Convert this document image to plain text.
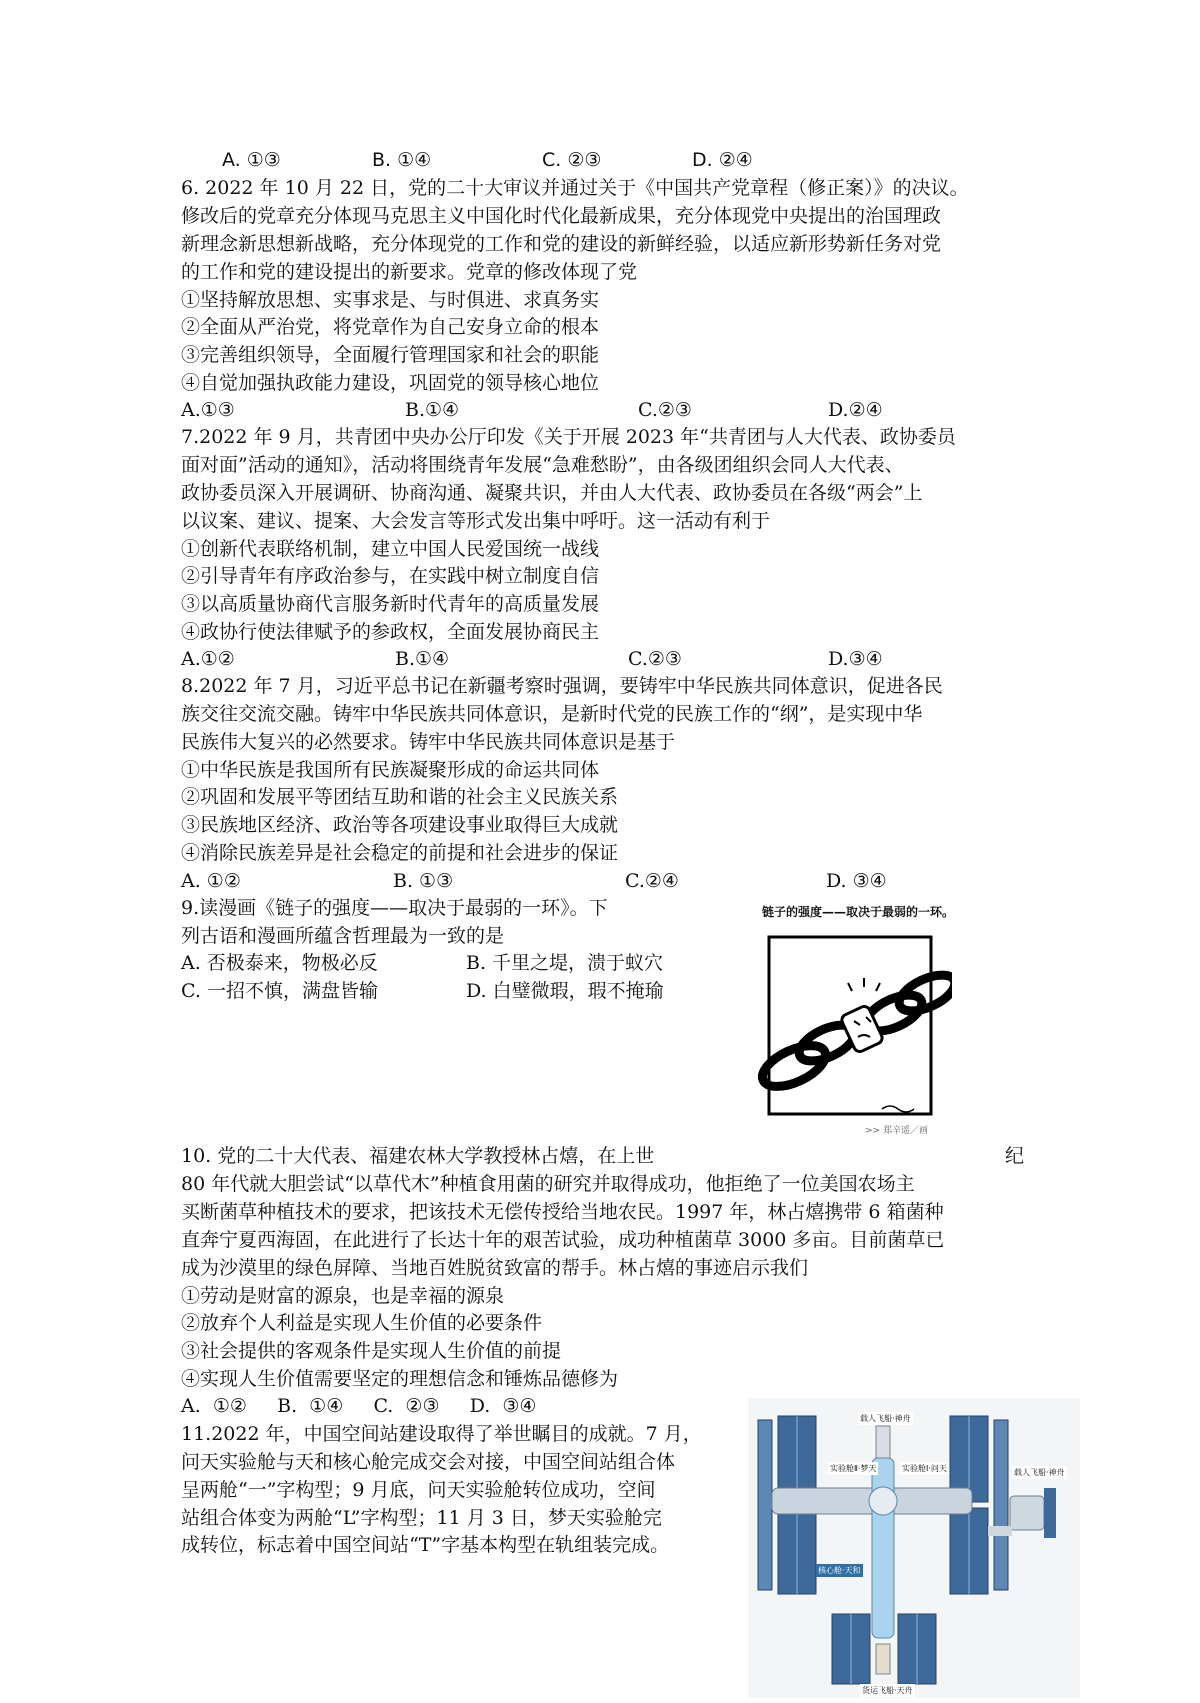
A. ①③	B. ①④	C. ②③	D. ②④
6. 2022 年 10 月 22 日，党的二十大审议并通过关于《中国共产党章程（修正案）》的决议。
修改后的党章充分体现马克思主义中国化时代化最新成果，充分体现党中央提出的治国理政
新理念新思想新战略，充分体现党的工作和党的建设的新鲜经验，以适应新形势新任务对党
的工作和党的建设提出的新要求。党章的修改体现了党
①坚持解放思想、实事求是、与时俱进、求真务实
②全面从严治党，将党章作为自己安身立命的根本
③完善组织领导，全面履行管理国家和社会的职能
④自觉加强执政能力建设，巩固党的领导核心地位
A.①③	B.①④	C.②③	D.②④
7.2022 年 9 月，共青团中央办公厅印发《关于开展 2023 年“共青团与人大代表、政协委员
面对面”活动的通知》，活动将围绕青年发展“急难愁盼”，由各级团组织会同人大代表、
政协委员深入开展调研、协商沟通、凝聚共识，并由人大代表、政协委员在各级“两会”上
以议案、建议、提案、大会发言等形式发出集中呼吁。这一活动有利于
①创新代表联络机制，建立中国人民爱国统一战线
②引导青年有序政治参与，在实践中树立制度自信
③以高质量协商代言服务新时代青年的高质量发展
④政协行使法律赋予的参政权，全面发展协商民主
A.①②	B.①④	C.②③	D.③④
8.2022 年 7 月，习近平总书记在新疆考察时强调，要铸牢中华民族共同体意识，促进各民
族交往交流交融。铸牢中华民族共同体意识，是新时代党的民族工作的“纲”，是实现中华
民族伟大复兴的必然要求。铸牢中华民族共同体意识是基于
①中华民族是我国所有民族凝聚形成的命运共同体
②巩固和发展平等团结互助和谐的社会主义民族关系
③民族地区经济、政治等各项建设事业取得巨大成就
④消除民族差异是社会稳定的前提和社会进步的保证
A. ①②	B. ①③	C.②④	D. ③④
9.读漫画《链子的强度——取决于最弱的一环》。下
列古语和漫画所蕴含哲理最为一致的是
A. 否极泰来，物极必反	B. 千里之堤，溃于蚁穴
C. 一招不慎，满盘皆输	D. 白璧微瑕，瑕不掩瑜
链子的强度——取决于最弱的一环。
>> 郑辛遥／画
10. 党的二十大代表、福建农林大学教授林占熺，在上世	纪
80 年代就大胆尝试“以草代木”种植食用菌的研究并取得成功，他拒绝了一位美国农场主
买断菌草种植技术的要求，把该技术无偿传授给当地农民。1997 年，林占熺携带 6 箱菌种
直奔宁夏西海固，在此进行了长达十年的艰苦试验，成功种植菌草 3000 多亩。目前菌草已
成为沙漠里的绿色屏障、当地百姓脱贫致富的帮手。林占熺的事迹启示我们
①劳动是财富的源泉，也是幸福的源泉
②放弃个人利益是实现人生价值的必要条件
③社会提供的客观条件是实现人生价值的前提
④实现人生价值需要坚定的理想信念和锤炼品德修为
A.  ①②     B.  ①④     C.  ②③     D.  ③④
11.2022 年，中国空间站建设取得了举世瞩目的成就。7 月，
问天实验舱与天和核心舱完成交会对接，中国空间站组合体
呈两舱“一”字构型；9 月底，问天实验舱转位成功，空间
站组合体变为两舱“L”字构型；11 月 3 日，梦天实验舱完
成转位，标志着中国空间站“T”字基本构型在轨组装完成。
载人飞船·神舟
实验舱Ⅱ·梦天	实验舱Ⅰ·问天	载人飞船·神舟
核心舱·天和
货运飞船·天舟
